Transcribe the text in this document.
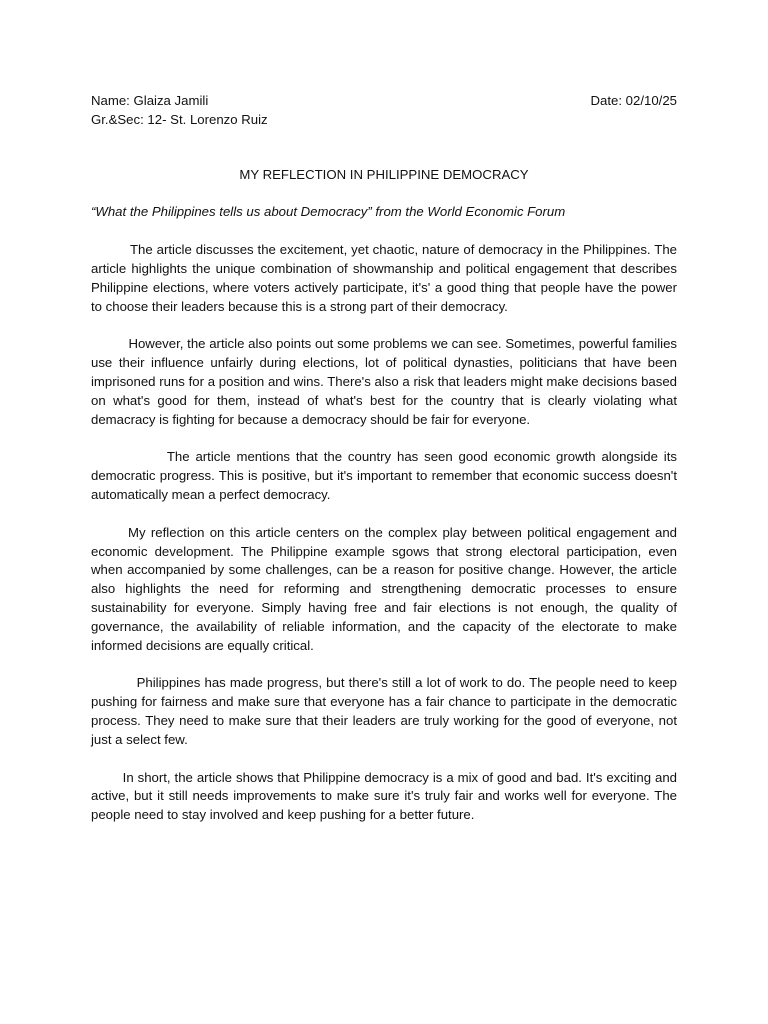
Name: Glaiza Jamili	Date: 02/10/25

Gr.&Sec: 12- St. Lorenzo Ruiz

MY REFLECTION IN PHILIPPINE DEMOCRACY

“What the Philippines tells us about Democracy” from the World Economic Forum

The article discusses the excitement, yet chaotic, nature of democracy in the Philippines. The article highlights the unique combination of showmanship and political engagement that describes Philippine elections, where voters actively participate, it's' a good thing that people have the power to choose their leaders because this is a strong part of their democracy.

However, the article also points out some problems we can see. Sometimes, powerful families use their influence unfairly during elections, lot of political dynasties, politicians that have been imprisoned runs for a position and wins. There's also a risk that leaders might make decisions based on what's good for them, instead of what's best for the country that is clearly violating what demacracy is fighting for because a democracy should be fair for everyone.

The article mentions that the country has seen good economic growth alongside its democratic progress. This is positive, but it's important to remember that economic success doesn't automatically mean a perfect democracy.

My reflection on this article centers on the complex play between political engagement and economic development. The Philippine example sgows that strong electoral participation, even when accompanied by some challenges, can be a reason for positive change. However, the article also highlights the need for reforming and strengthening democratic processes to ensure sustainability for everyone. Simply having free and fair elections is not enough, the quality of governance, the availability of reliable information, and the capacity of the electorate to make informed decisions are equally critical.

Philippines has made progress, but there's still a lot of work to do. The people need to keep pushing for fairness and make sure that everyone has a fair chance to participate in the democratic process. They need to make sure that their leaders are truly working for the good of everyone, not just a select few.

In short, the article shows that Philippine democracy is a mix of good and bad. It's exciting and active, but it still needs improvements to make sure it's truly fair and works well for everyone. The people need to stay involved and keep pushing for a better future.
